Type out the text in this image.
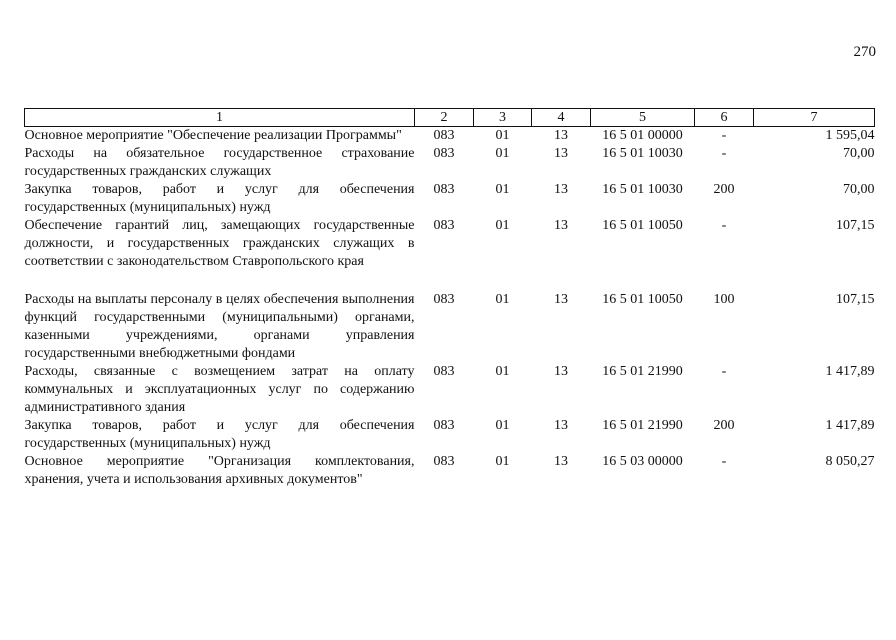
270
1	2	3	4	5	6	7
Основное мероприятие "Обеспечение реализации Программы"	083	01	13	16 5 01 00000	-	1 595,04
Расходы на обязательное государственное страхование государственных гражданских служащих	083	01	13	16 5 01 10030	-	70,00
Закупка товаров, работ и услуг для обеспечения государственных (муниципальных) нужд	083	01	13	16 5 01 10030	200	70,00
Обеспечение гарантий лиц, замещающих государственные должности, и государственных гражданских служащих в соответствии с законодательством Ставропольского края	083	01	13	16 5 01 10050	-	107,15

Расходы на выплаты персоналу в целях обеспечения выполнения функций государственными (муниципальными) органами, казенными учреждениями, органами управления государственными внебюджетными фондами	083	01	13	16 5 01 10050	100	107,15
Расходы, связанные с возмещением затрат на оплату коммунальных и эксплуатационных услуг по содержанию административного здания	083	01	13	16 5 01 21990	-	1 417,89
Закупка товаров, работ и услуг для обеспечения государственных (муниципальных) нужд	083	01	13	16 5 01 21990	200	1 417,89
Основное мероприятие "Организация комплектования, хранения, учета и использования архивных документов"	083	01	13	16 5 03 00000	-	8 050,27
